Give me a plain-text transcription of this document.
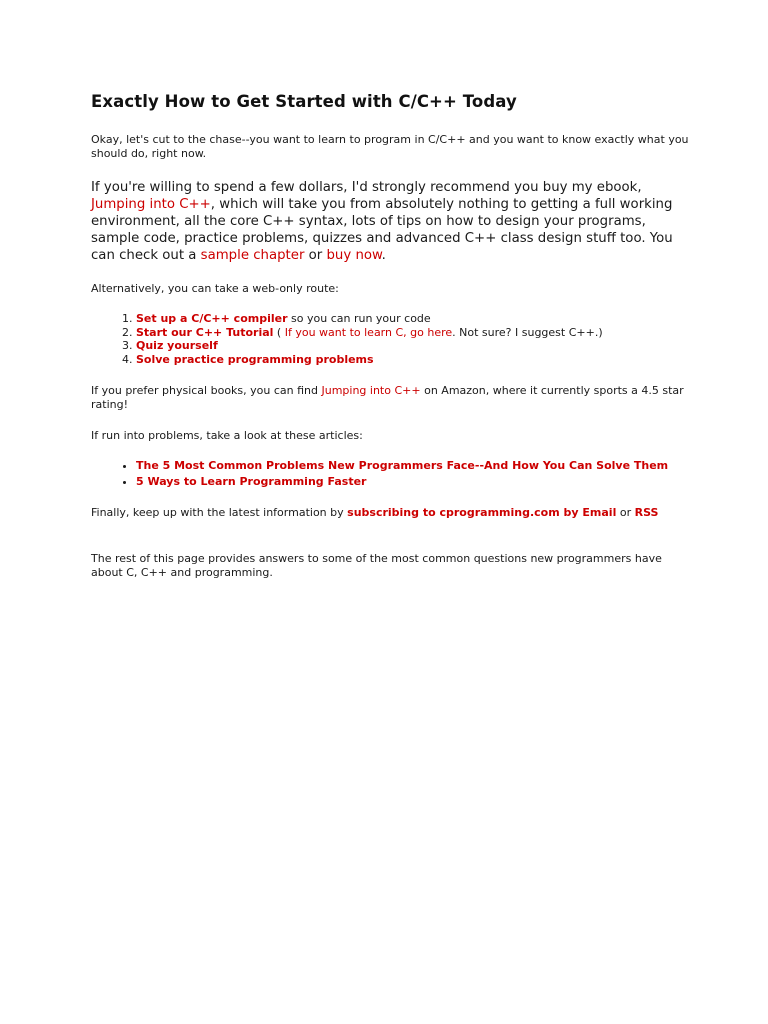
Exactly How to Get Started with C/C++ Today

Okay, let's cut to the chase--you want to learn to program in C/C++ and you want to know exactly what you should do, right now.

If you're willing to spend a few dollars, I'd strongly recommend you buy my ebook, Jumping into C++, which will take you from absolutely nothing to getting a full working environment, all the core C++ syntax, lots of tips on how to design your programs, sample code, practice problems, quizzes and advanced C++ class design stuff too. You can check out a sample chapter or buy now.

Alternatively, you can take a web-only route:

1. Set up a C/C++ compiler so you can run your code
2. Start our C++ Tutorial ( If you want to learn C, go here. Not sure? I suggest C++.)
3. Quiz yourself
4. Solve practice programming problems

If you prefer physical books, you can find Jumping into C++ on Amazon, where it currently sports a 4.5 star rating!

If run into problems, take a look at these articles:

• The 5 Most Common Problems New Programmers Face--And How You Can Solve Them
• 5 Ways to Learn Programming Faster

Finally, keep up with the latest information by subscribing to cprogramming.com by Email or RSS

The rest of this page provides answers to some of the most common questions new programmers have about C, C++ and programming.
